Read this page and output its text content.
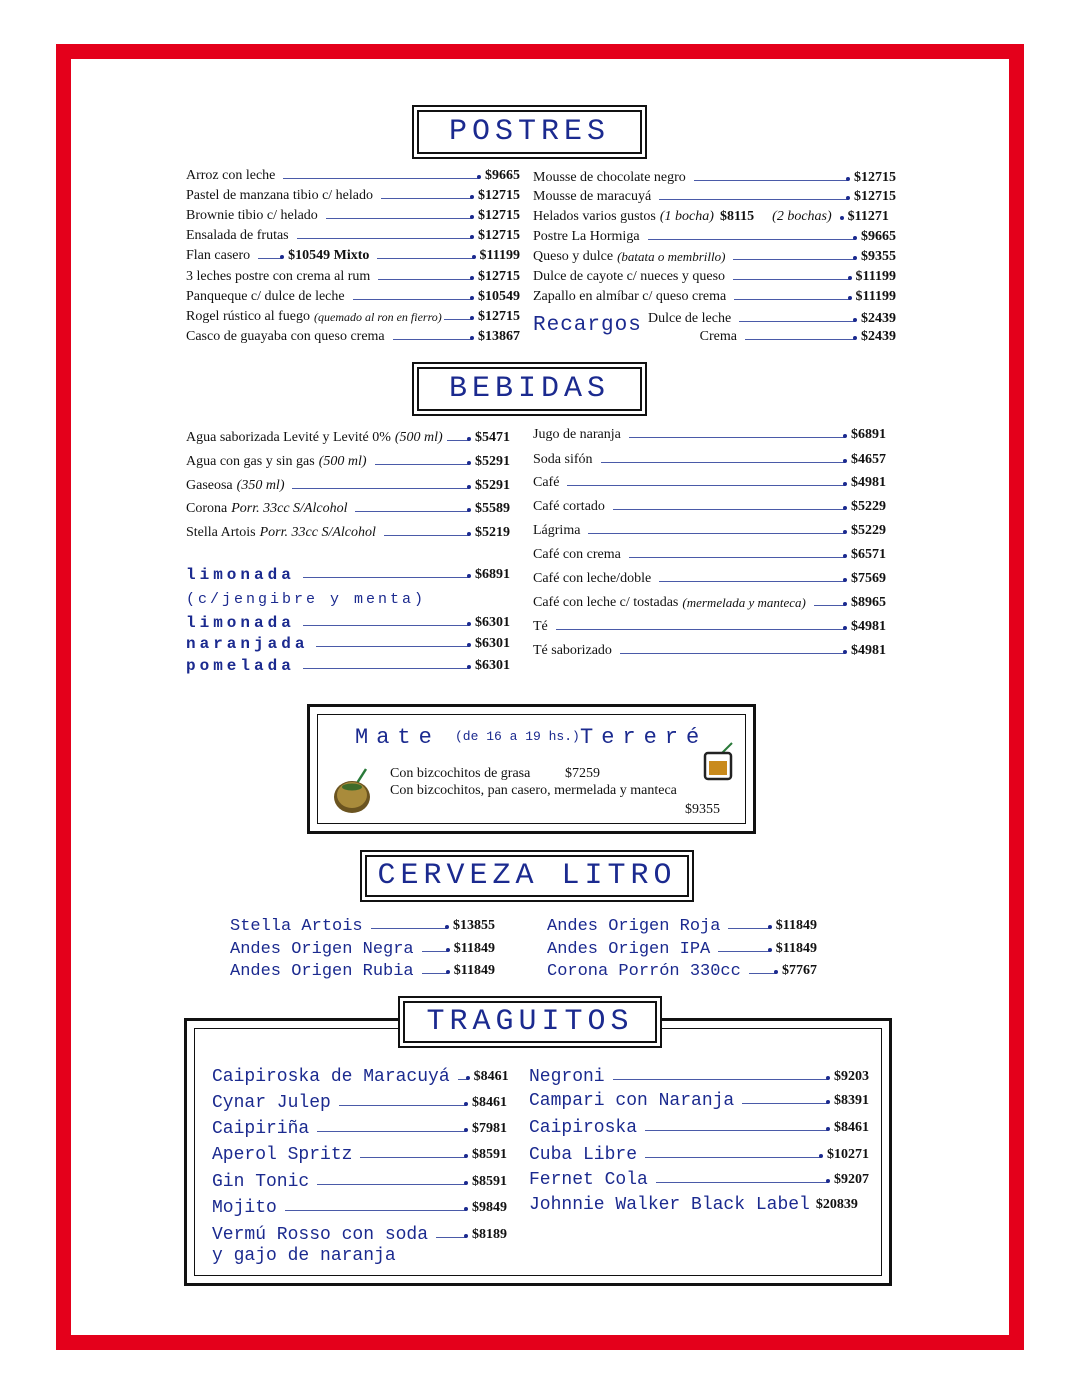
POSTRES
Arroz con leche	$9665
Pastel de manzana tibio c/ helado	$12715
Brownie tibio c/ helado	$12715
Ensalada de frutas	$12715
Flan casero	$10549 Mixto	$11199
3 leches postre con crema al rum	$12715
Panqueque c/ dulce de leche	$10549
Rogel rústico al fuego (quemado al ron en fierro)	$12715
Casco de guayaba con queso crema	$13867
Mousse de chocolate negro	$12715
Mousse de maracuyá	$12715
Helados varios gustos (1 bocha) $8115 (2 bochas) $11271
Postre La Hormiga	$9665
Queso y dulce (batata o membrillo)	$9355
Dulce de cayote c/ nueces y queso	$11199
Zapallo en almíbar c/ queso crema	$11199
Recargos Dulce de leche	$2439
Crema	$2439
BEBIDAS
Agua saborizada Levité y Levité 0% (500 ml) $5471
Agua con gas y sin gas (500 ml)	$5291
Gaseosa (350 ml)	$5291
Corona Porr. 33cc S/Alcohol	$5589
Stella Artois Porr. 33cc S/Alcohol	$5219
limonada	$6891
(c/jengibre y menta)
limonada	$6301
naranjada	$6301
pomelada	$6301
Jugo de naranja	$6891
Soda sifón	$4657
Café	$4981
Café cortado	$5229
Lágrima	$5229
Café con crema	$6571
Café con leche/doble	$7569
Café con leche c/ tostadas (mermelada y manteca)	$8965
Té	$4981
Té saborizado	$4981
Mate (de 16 a 19 hs.) Tereré
Con bizcochitos de grasa $7259
Con bizcochitos, pan casero, mermelada y manteca
$9355
CERVEZA LITRO
Stella Artois	$13855
Andes Origen Negra	$11849
Andes Origen Rubia	$11849
Andes Origen Roja	$11849
Andes Origen IPA	$11849
Corona Porrón 330cc	$7767
TRAGUITOS
Caipiroska de Maracuyá $8461
Cynar Julep	$8461
Caipiriña	$7981
Aperol Spritz	$8591
Gin Tonic	$8591
Mojito	$9849
Vermú Rosso con soda	$8189
y gajo de naranja
Negroni	$9203
Campari con Naranja	$8391
Caipiroska	$8461
Cuba Libre	$10271
Fernet Cola	$9207
Johnnie Walker Black Label $20839
